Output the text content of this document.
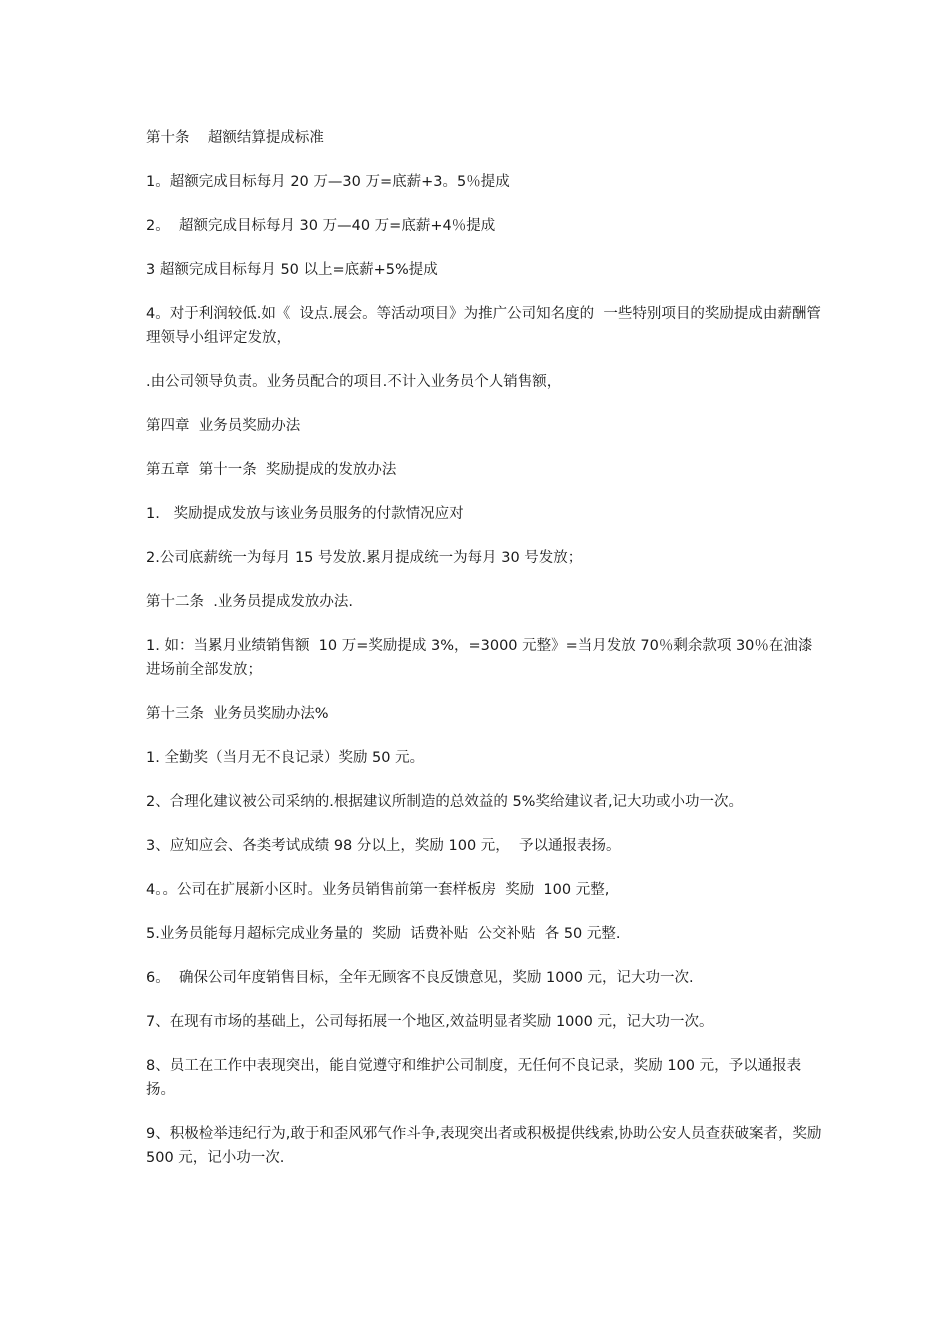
第十条    超额结算提成标准

1。超额完成目标每月 20 万—30 万=底薪+3。5％提成

2。  超额完成目标每月 30 万—40 万=底薪+4％提成

3 超额完成目标每月 50 以上=底薪+5%提成

4。对于利润较低.如《  设点.展会。等活动项目》为推广公司知名度的  一些特别项目的奖励提成由薪酬管理领导小组评定发放，

.由公司领导负责。业务员配合的项目.不计入业务员个人销售额，

第四章  业务员奖励办法

第五章  第十一条  奖励提成的发放办法

1.   奖励提成发放与该业务员服务的付款情况应对

2.公司底薪统一为每月 15 号发放.累月提成统一为每月 30 号发放；

第十二条  .业务员提成发放办法.

1. 如：当累月业绩销售额  10 万=奖励提成 3%，=3000 元整》=当月发放 70％剩余款项 30％在油漆进场前全部发放；

第十三条  业务员奖励办法%

1. 全勤奖（当月无不良记录）奖励 50 元。

2、合理化建议被公司采纳的.根据建议所制造的总效益的 5%奖给建议者,记大功或小功一次。

3、应知应会、各类考试成绩 98 分以上，奖励 100 元，  予以通报表扬。

4。。公司在扩展新小区时。业务员销售前第一套样板房  奖励  100 元整,

5.业务员能每月超标完成业务量的  奖励  话费补贴  公交补贴  各 50 元整.

6。  确保公司年度销售目标，全年无顾客不良反馈意见，奖励 1000 元，记大功一次.

7、在现有市场的基础上，公司每拓展一个地区,效益明显者奖励 1000 元，记大功一次。

8、员工在工作中表现突出，能自觉遵守和维护公司制度，无任何不良记录，奖励 100 元，予以通报表扬。

9、积极检举违纪行为,敢于和歪风邪气作斗争,表现突出者或积极提供线索,协助公安人员查获破案者，奖励 500 元，记小功一次.
